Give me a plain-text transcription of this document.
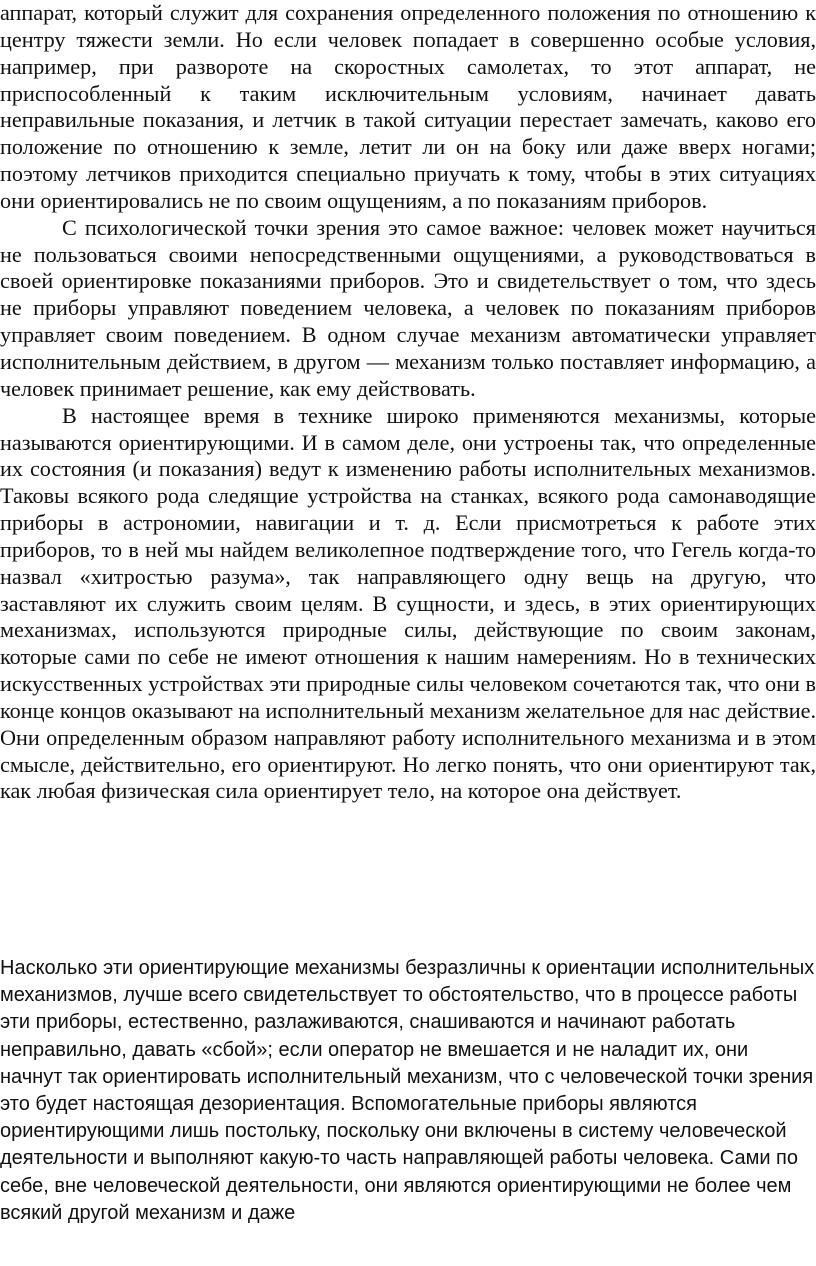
аппарат, который служит для сохранения определенного положения по отношению к центру тяжести земли. Но если человек попадает в совершенно особые условия, например, при развороте на скоростных самолетах, то этот аппарат, не приспособленный к таким исключительным условиям, начинает давать неправильные показания, и летчик в такой ситуации перестает замечать, каково его положение по отношению к земле, летит ли он на боку или даже вверх ногами; поэтому летчиков приходится специально приучать к тому, чтобы в этих ситуациях они ориентировались не по своим ощущениям, а по показаниям приборов.

С психологической точки зрения это самое важное: человек может научиться не пользоваться своими непосредственными ощущениями, а руководствоваться в своей ориентировке показаниями приборов. Это и свидетельствует о том, что здесь не приборы управляют поведением человека, а человек по показаниям приборов управляет своим поведением. В одном случае механизм автоматически управляет исполнительным действием, в другом — механизм только поставляет информацию, а человек принимает решение, как ему действовать.

В настоящее время в технике широко применяются механизмы, которые называются ориентирующими. И в самом деле, они устроены так, что определенные их состояния (и показания) ведут к изменению работы исполнительных механизмов. Таковы всякого рода следящие устройства на станках, всякого рода самонаводящие приборы в астрономии, навигации и т. д. Если присмотреться к работе этих приборов, то в ней мы найдем великолепное подтверждение того, что Гегель когда-то назвал «хитростью разума», так направляющего одну вещь на другую, что заставляют их служить своим целям. В сущности, и здесь, в этих ориентирующих механизмах, используются природные силы, действующие по своим законам, которые сами по себе не имеют отношения к нашим намерениям. Но в технических искусственных устройствах эти природные силы человеком сочетаются так, что они в конце концов оказывают на исполнительный механизм желательное для нас действие. Они определенным образом направляют работу исполнительного механизма и в этом смысле, действительно, его ориентируют. Но легко понять, что они ориентируют так, как любая физическая сила ориентирует тело, на которое она действует.

Насколько эти ориентирующие механизмы безразличны к ориентации исполнительных механизмов, лучше всего свидетельствует то обстоятельство, что в процессе работы эти приборы, естественно, разлаживаются, снашиваются и начинают работать неправильно, давать «сбой»; если оператор не вмешается и не наладит их, они начнут так ориентировать исполнительный механизм, что с человеческой точки зрения это будет настоящая дезориентация. Вспомогательные приборы являются ориентирующими лишь постольку, поскольку они включены в систему человеческой деятельности и выполняют какую-то часть направляющей работы человека. Сами по себе, вне человеческой деятельности, они являются ориентирующими не более чем всякий другой механизм и даже
